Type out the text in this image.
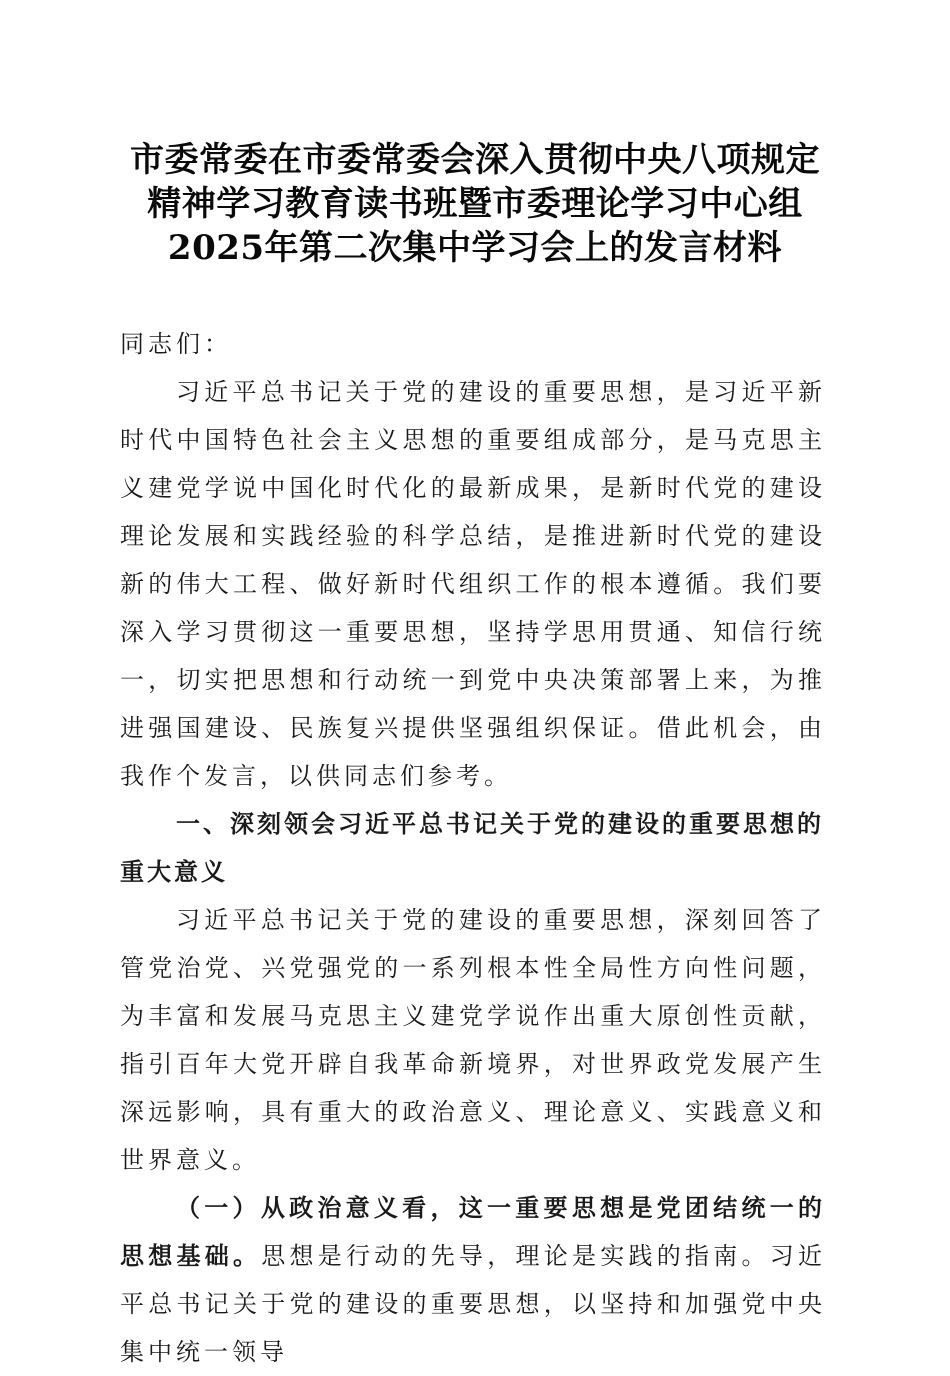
市委常委在市委常委会深入贯彻中央八项规定
精神学习教育读书班暨市委理论学习中心组
2025年第二次集中学习会上的发言材料

同志们：

习近平总书记关于党的建设的重要思想，是习近平新时代中国特色社会主义思想的重要组成部分，是马克思主义建党学说中国化时代化的最新成果，是新时代党的建设理论发展和实践经验的科学总结，是推进新时代党的建设新的伟大工程、做好新时代组织工作的根本遵循。我们要深入学习贯彻这一重要思想，坚持学思用贯通、知信行统一，切实把思想和行动统一到党中央决策部署上来，为推进强国建设、民族复兴提供坚强组织保证。借此机会，由我作个发言，以供同志们参考。

一、深刻领会习近平总书记关于党的建设的重要思想的重大意义

习近平总书记关于党的建设的重要思想，深刻回答了管党治党、兴党强党的一系列根本性全局性方向性问题，为丰富和发展马克思主义建党学说作出重大原创性贡献，指引百年大党开辟自我革命新境界，对世界政党发展产生深远影响，具有重大的政治意义、理论意义、实践意义和世界意义。

（一）从政治意义看，这一重要思想是党团结统一的思想基础。思想是行动的先导，理论是实践的指南。习近平总书记关于党的建设的重要思想，以坚持和加强党中央集中统一领导
